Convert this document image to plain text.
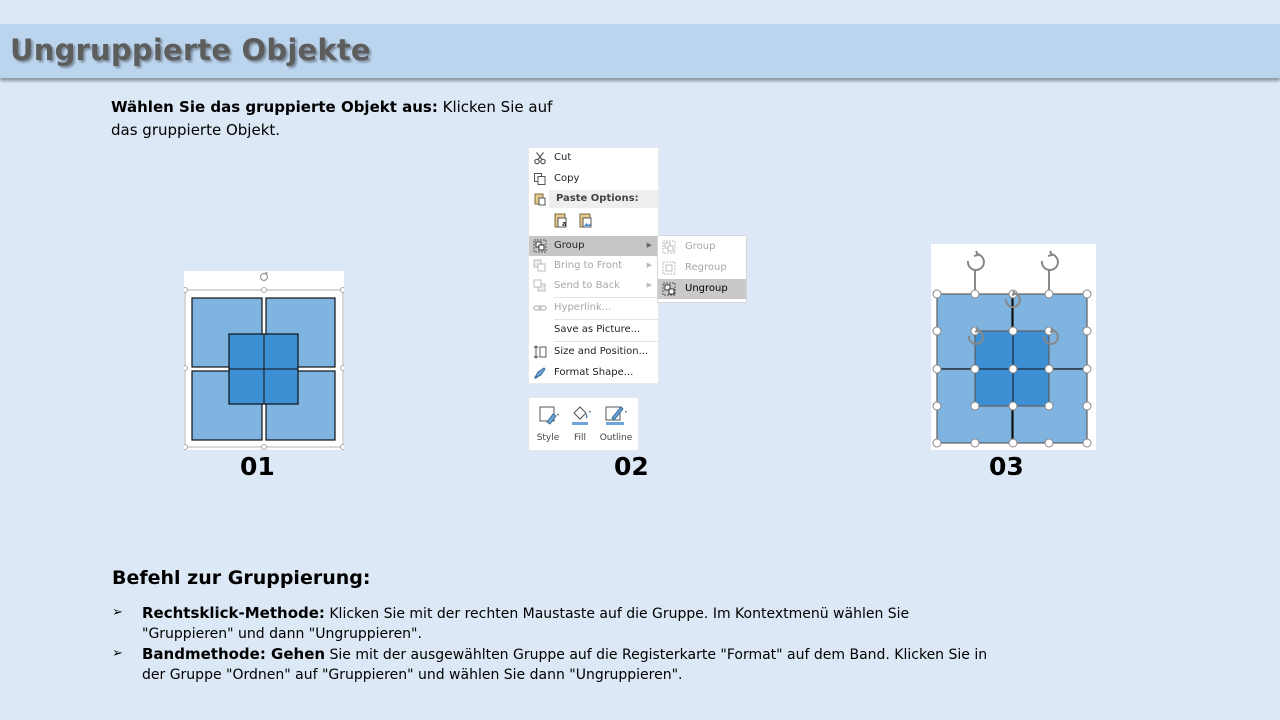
Ungruppierte Objekte
Wählen Sie das gruppierte Objekt aus: Klicken Sie auf das gruppierte Objekt.
01
Cut
Copy
Paste Options:
a
Group	▶
Bring to Front	▶
Send to Back	▶
Hyperlink...
Save as Picture...
Size and Position...
Format Shape...
Group
Regroup
Ungroup
Style	Fill	Outline
02	03
Befehl zur Gruppierung:
➢ Rechtsklick-Methode: Klicken Sie mit der rechten Maustaste auf die Gruppe. Im Kontextmenü wählen Sie "Gruppieren" und dann "Ungruppieren".
➢ Bandmethode: Gehen Sie mit der ausgewählten Gruppe auf die Registerkarte "Format" auf dem Band. Klicken Sie in der Gruppe "Ordnen" auf "Gruppieren" und wählen Sie dann "Ungruppieren".
